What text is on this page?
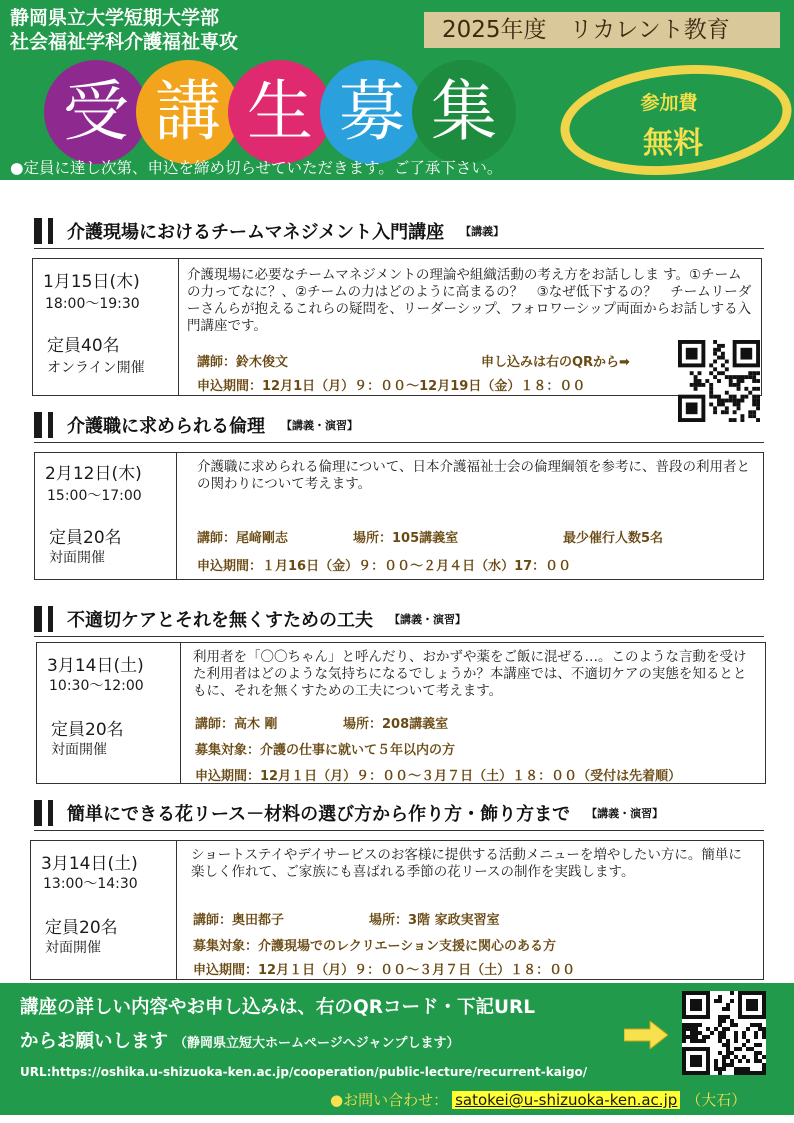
静岡県立大学短期大学部
社会福祉学科介護福祉専攻	2025年度　リカレント教育
受 講 生 募 集	参加費
無料
●定員に達し次第、申込を締め切らせていただきます。ご了承下さい。
介護現場におけるチームマネジメント入門講座 【講義】
1月15日(木)
18:00～19:30
定員40名
オンライン開催
介護現場に必要なチームマネジメントの理論や組織活動の考え方をお話ししま す。①チームの力ってなに？、②チームの力はどのように高まるの？　③なぜ低下するの？　チームリーダーさんらが抱えるこれらの疑問を、リーダーシップ、フォロワーシップ両面からお話しする入門講座です。
講師：鈴木俊文	申し込みは右のQRから➡
申込期間：12月1日（月）９：００～12月19日（金）１８：００
介護職に求められる倫理 【講義・演習】
2月12日(木)
15:00～17:00
定員20名
対面開催
介護職に求められる倫理について、日本介護福祉士会の倫理綱領を参考に、普段の利用者との関わりについて考えます。
講師：尾﨑剛志	場所：105講義室	最少催行人数5名
申込期間：１月16日（金）９：００～２月４日（水）17：００
不適切ケアとそれを無くすための工夫 【講義・演習】
3月14日(土)
10:30～12:00
定員20名
対面開催
利用者を「〇〇ちゃん」と呼んだり、おかずや薬をご飯に混ぜる…。このような言動を受けた利用者はどのような気持ちになるでしょうか？本講座では、不適切ケアの実態を知るとともに、それを無くすための工夫について考えます。
講師：高木 剛	場所：208講義室
募集対象：介護の仕事に就いて５年以内の方
申込期間：12月１日（月）９：００～３月７日（土）１８：００（受付は先着順）
簡単にできる花リース－材料の選び方から作り方・飾り方まで 【講義・演習】
3月14日(土)
13:00～14:30
定員20名
対面開催
ショートステイやデイサービスのお客様に提供する活動メニューを増やしたい方に。簡単に楽しく作れて、ご家族にも喜ばれる季節の花リースの制作を実践します。
講師：奥田都子	場所：3階 家政実習室
募集対象：介護現場でのレクリエーション支援に関心のある方
申込期間：12月１日（月）９：００～３月７日（土）１８：００
講座の詳しい内容やお申し込みは、右のQRコード・下記URL
からお願いします （静岡県立短大ホームページへジャンプします）
URL:https://oshika.u-shizuoka-ken.ac.jp/cooperation/public-lecture/recurrent-kaigo/
●お問い合わせ： satokei@u-shizuoka-ken.ac.jp （大石）
